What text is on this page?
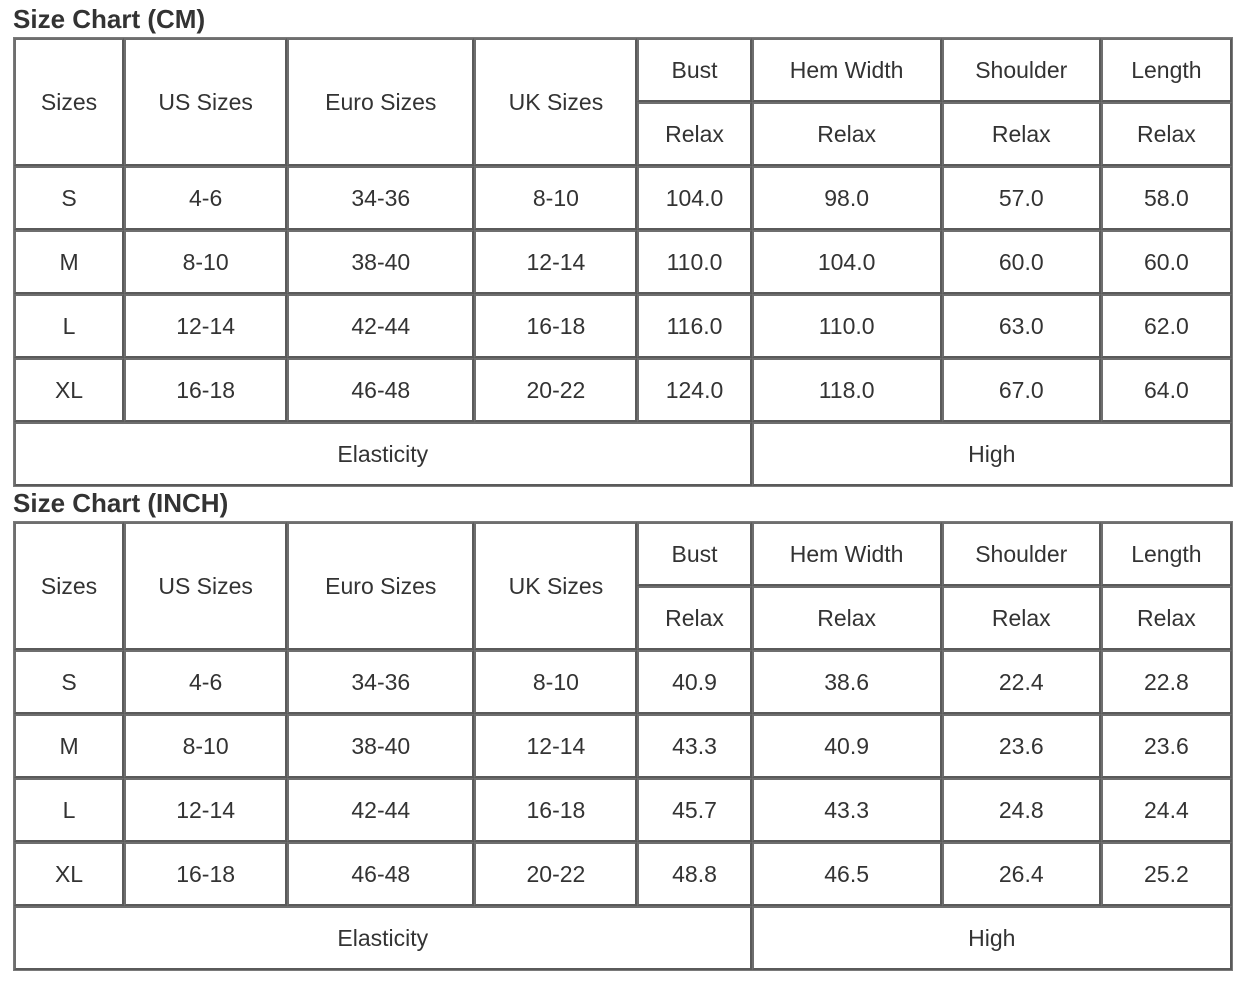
Size Chart (CM)
Sizes	US Sizes	Euro Sizes	UK Sizes	Bust	Hem Width	Shoulder	Length
				Relax	Relax	Relax	Relax
S	4-6	34-36	8-10	104.0	98.0	57.0	58.0
M	8-10	38-40	12-14	110.0	104.0	60.0	60.0
L	12-14	42-44	16-18	116.0	110.0	63.0	62.0
XL	16-18	46-48	20-22	124.0	118.0	67.0	64.0
Elasticity					High		
Size Chart (INCH)
Sizes	US Sizes	Euro Sizes	UK Sizes	Bust	Hem Width	Shoulder	Length
				Relax	Relax	Relax	Relax
S	4-6	34-36	8-10	40.9	38.6	22.4	22.8
M	8-10	38-40	12-14	43.3	40.9	23.6	23.6
L	12-14	42-44	16-18	45.7	43.3	24.8	24.4
XL	16-18	46-48	20-22	48.8	46.5	26.4	25.2
Elasticity					High		
